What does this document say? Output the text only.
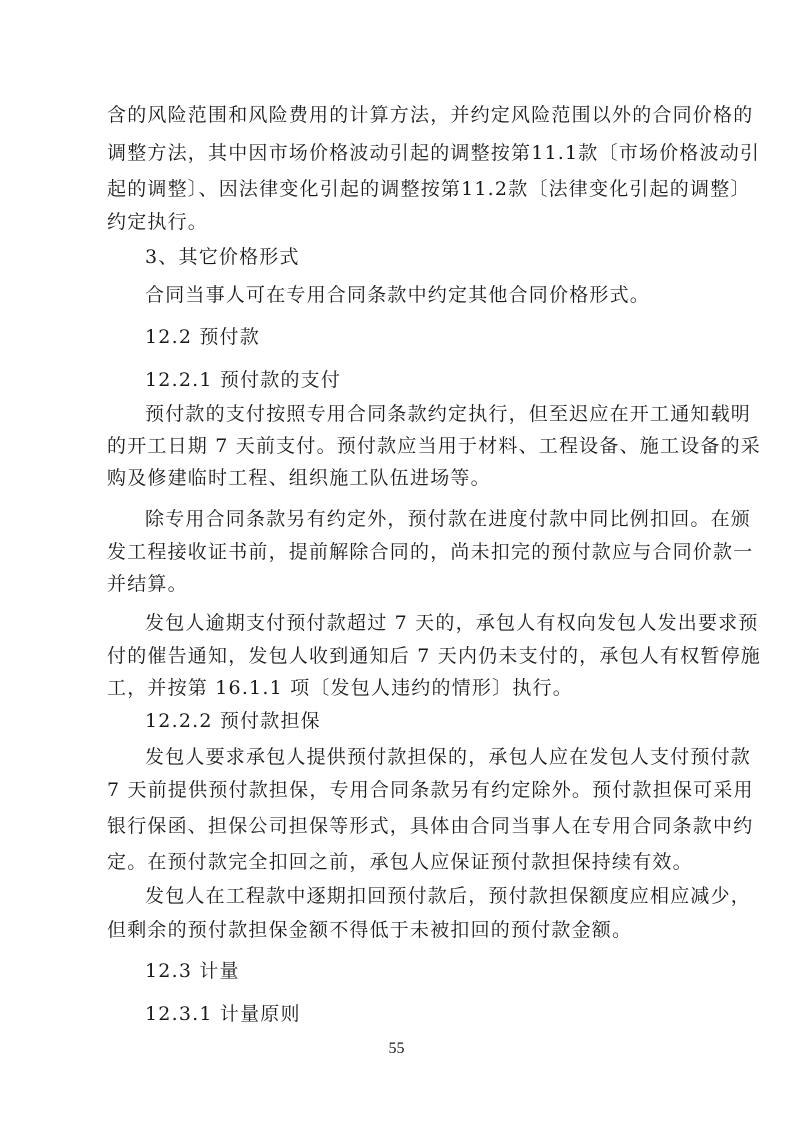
含的风险范围和风险费用的计算方法，并约定风险范围以外的合同价格的
调整方法，其中因市场价格波动引起的调整按第11.1款〔市场价格波动引
起的调整〕、因法律变化引起的调整按第11.2款〔法律变化引起的调整〕
约定执行。
3、其它价格形式
合同当事人可在专用合同条款中约定其他合同价格形式。
12.2 预付款
12.2.1 预付款的支付
预付款的支付按照专用合同条款约定执行，但至迟应在开工通知载明
的开工日期 7 天前支付。预付款应当用于材料、工程设备、施工设备的采
购及修建临时工程、组织施工队伍进场等。
除专用合同条款另有约定外，预付款在进度付款中同比例扣回。在颁
发工程接收证书前，提前解除合同的，尚未扣完的预付款应与合同价款一
并结算。
发包人逾期支付预付款超过 7 天的，承包人有权向发包人发出要求预
付的催告通知，发包人收到通知后 7 天内仍未支付的，承包人有权暂停施
工，并按第 16.1.1 项〔发包人违约的情形〕执行。
12.2.2 预付款担保
发包人要求承包人提供预付款担保的，承包人应在发包人支付预付款
7 天前提供预付款担保，专用合同条款另有约定除外。预付款担保可采用
银行保函、担保公司担保等形式，具体由合同当事人在专用合同条款中约
定。在预付款完全扣回之前，承包人应保证预付款担保持续有效。
发包人在工程款中逐期扣回预付款后，预付款担保额度应相应减少，
但剩余的预付款担保金额不得低于未被扣回的预付款金额。
12.3 计量
12.3.1 计量原则
55
